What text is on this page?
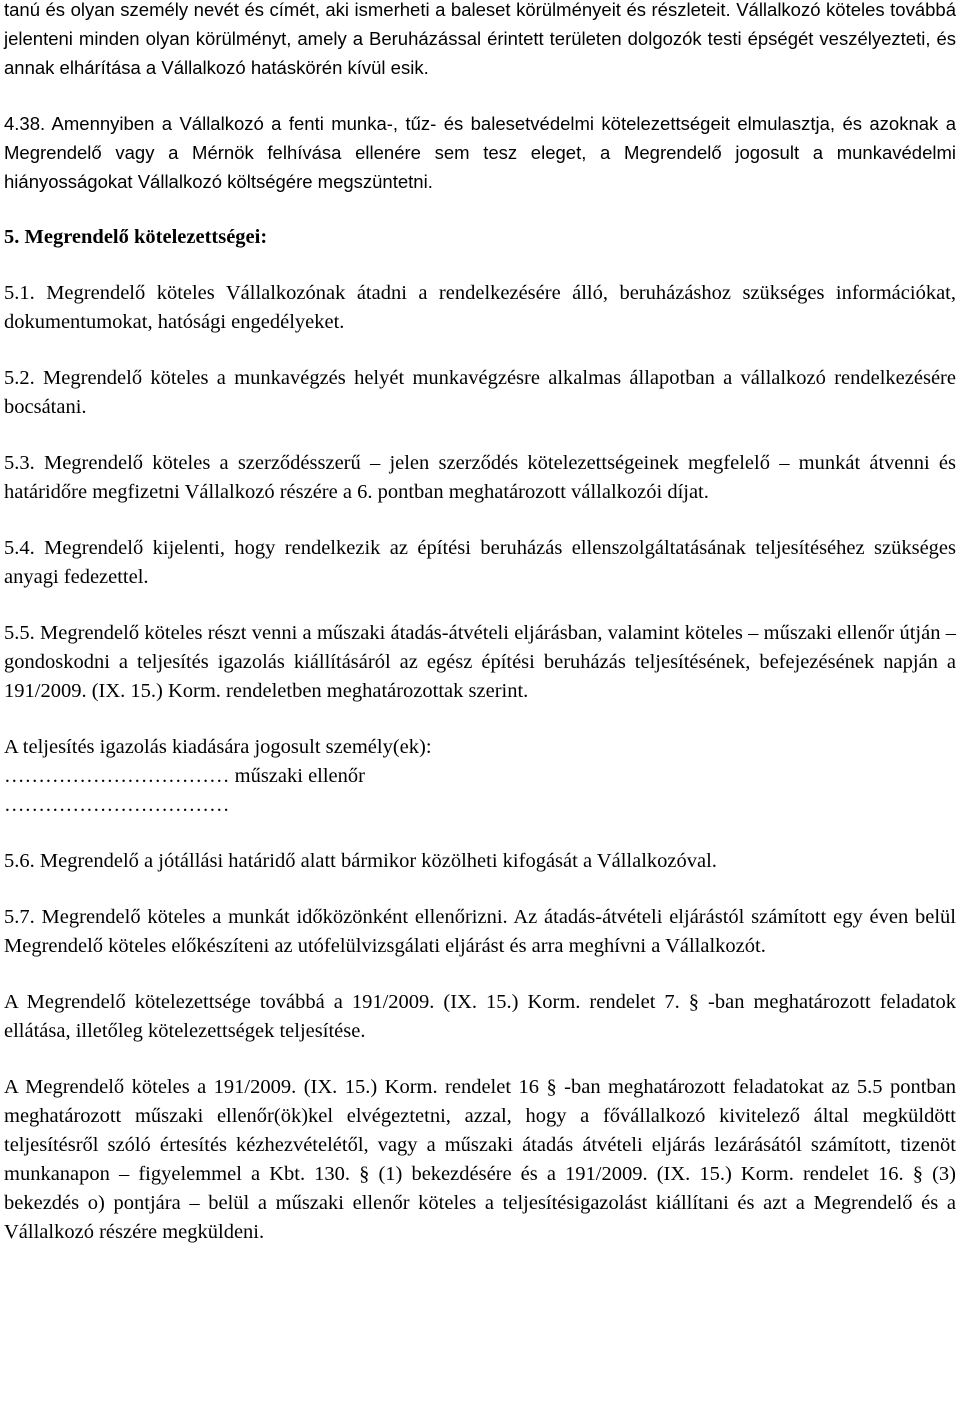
tanú és olyan személy nevét és címét, aki ismerheti a baleset körülményeit és részleteit. Vállalkozó köteles továbbá jelenteni minden olyan körülményt, amely a Beruházással érintett területen dolgozók testi épségét veszélyezteti, és annak elhárítása a Vállalkozó hatáskörén kívül esik.

4.38. Amennyiben a Vállalkozó a fenti munka-, tűz- és balesetvédelmi kötelezettségeit elmulasztja, és azoknak a Megrendelő vagy a Mérnök felhívása ellenére sem tesz eleget, a Megrendelő jogosult a munkavédelmi hiányosságokat Vállalkozó költségére megszüntetni.

5. Megrendelő kötelezettségei:

5.1. Megrendelő köteles Vállalkozónak átadni a rendelkezésére álló, beruházáshoz szükséges információkat, dokumentumokat, hatósági engedélyeket.

5.2. Megrendelő köteles a munkavégzés helyét munkavégzésre alkalmas állapotban a vállalkozó rendelkezésére bocsátani.

5.3. Megrendelő köteles a szerződésszerű – jelen szerződés kötelezettségeinek megfelelő – munkát átvenni és határidőre megfizetni Vállalkozó részére a 6. pontban meghatározott vállalkozói díjat.

5.4. Megrendelő kijelenti, hogy rendelkezik az építési beruházás ellenszolgáltatásának teljesítéséhez szükséges anyagi fedezettel.

5.5. Megrendelő köteles részt venni a műszaki átadás-átvételi eljárásban, valamint köteles – műszaki ellenőr útján – gondoskodni a teljesítés igazolás kiállításáról az egész építési beruházás teljesítésének, befejezésének napján a 191/2009. (IX. 15.) Korm. rendeletben meghatározottak szerint.

A teljesítés igazolás kiadására jogosult személy(ek):

…………………………… műszaki ellenőr

……………………………

5.6. Megrendelő a jótállási határidő alatt bármikor közölheti kifogását a Vállalkozóval.

5.7. Megrendelő köteles a munkát időközönként ellenőrizni. Az átadás-átvételi eljárástól számított egy éven belül Megrendelő köteles előkészíteni az utófelülvizsgálati eljárást és arra meghívni a Vállalkozót.

A Megrendelő kötelezettsége továbbá a 191/2009. (IX. 15.) Korm. rendelet 7. § -ban meghatározott feladatok ellátása, illetőleg kötelezettségek teljesítése.

A Megrendelő köteles a 191/2009. (IX. 15.) Korm. rendelet 16 § -ban meghatározott feladatokat az 5.5 pontban meghatározott műszaki ellenőr(ök)kel elvégeztetni, azzal, hogy a fővállalkozó kivitelező által megküldött teljesítésről szóló értesítés kézhezvételétől, vagy a műszaki átadás átvételi eljárás lezárásától számított, tizenöt munkanapon – figyelemmel a Kbt. 130. § (1) bekezdésére és a 191/2009. (IX. 15.) Korm. rendelet 16. § (3) bekezdés o) pontjára – belül a műszaki ellenőr köteles a teljesítésigazolást kiállítani és azt a Megrendelő és a Vállalkozó részére megküldeni.
